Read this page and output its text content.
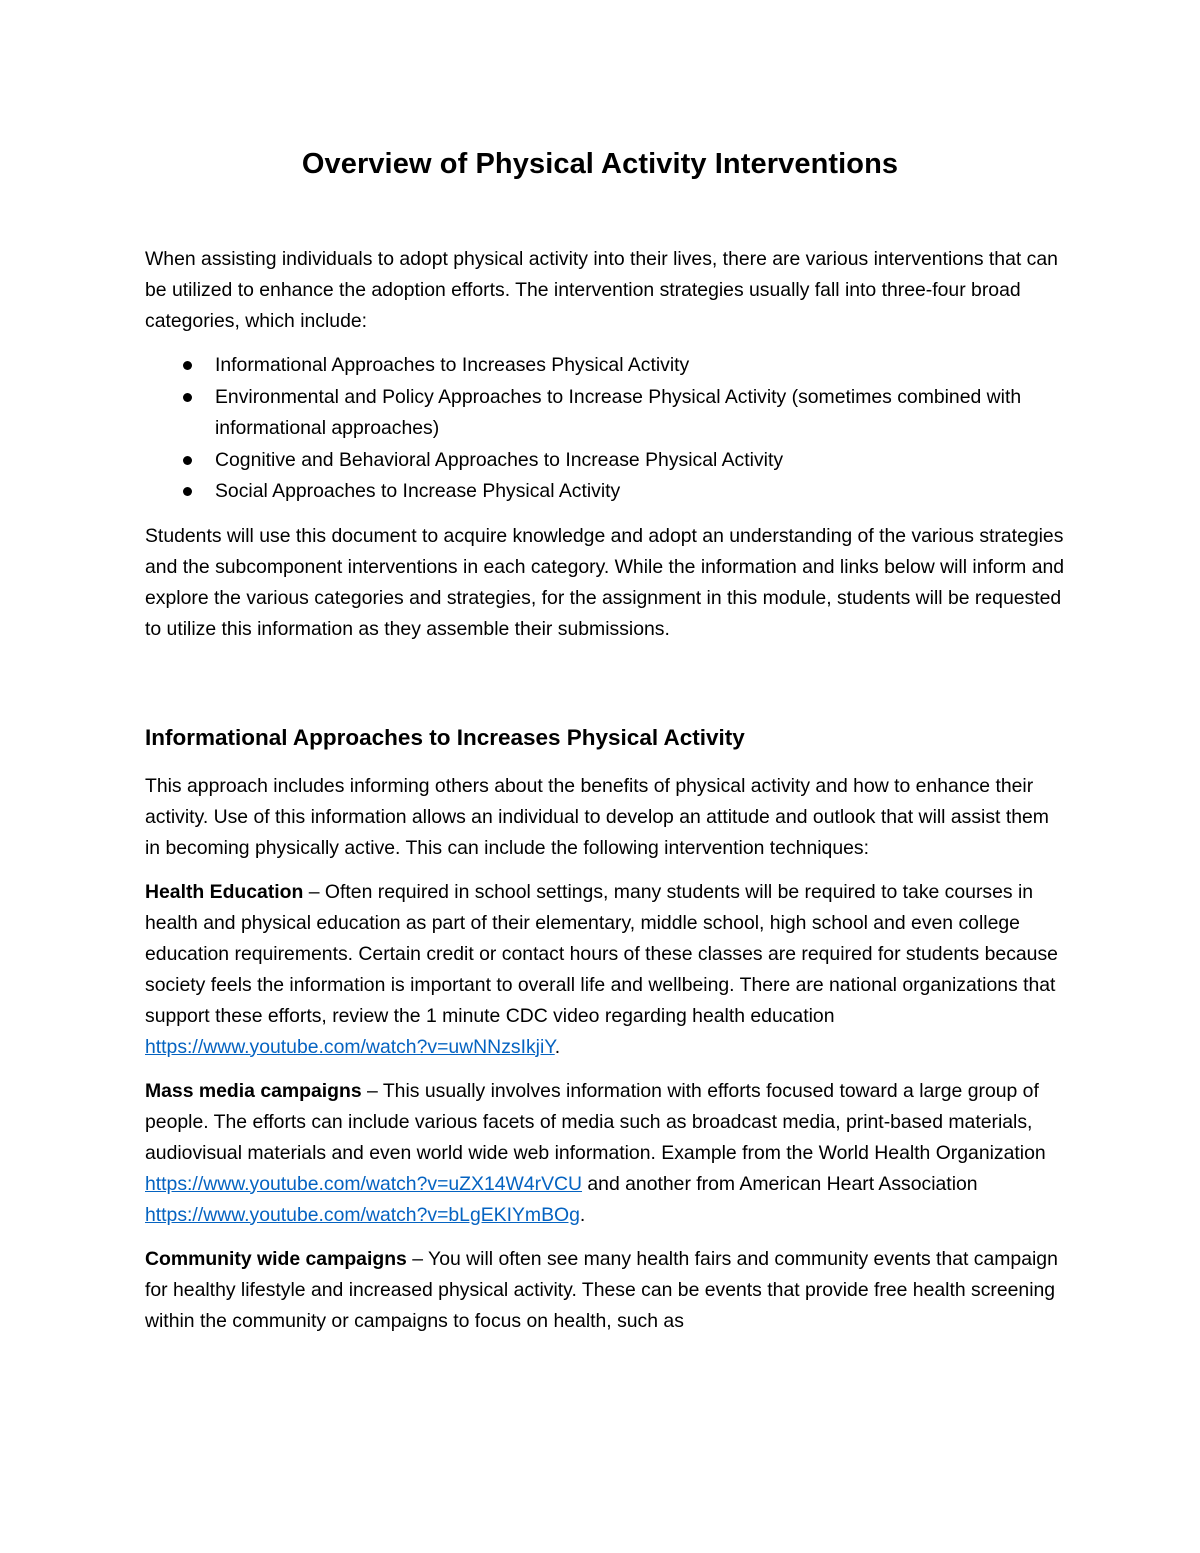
Overview of Physical Activity Interventions

When assisting individuals to adopt physical activity into their lives, there are various interventions that can be utilized to enhance the adoption efforts. The intervention strategies usually fall into three-four broad categories, which include:

Informational Approaches to Increases Physical Activity
Environmental and Policy Approaches to Increase Physical Activity (sometimes combined with informational approaches)
Cognitive and Behavioral Approaches to Increase Physical Activity
Social Approaches to Increase Physical Activity

Students will use this document to acquire knowledge and adopt an understanding of the various strategies and the subcomponent interventions in each category. While the information and links below will inform and explore the various categories and strategies, for the assignment in this module, students will be requested to utilize this information as they assemble their submissions.

Informational Approaches to Increases Physical Activity

This approach includes informing others about the benefits of physical activity and how to enhance their activity. Use of this information allows an individual to develop an attitude and outlook that will assist them in becoming physically active. This can include the following intervention techniques:

Health Education – Often required in school settings, many students will be required to take courses in health and physical education as part of their elementary, middle school, high school and even college education requirements. Certain credit or contact hours of these classes are required for students because society feels the information is important to overall life and wellbeing. There are national organizations that support these efforts, review the 1 minute CDC video regarding health education https://www.youtube.com/watch?v=uwNNzsIkjiY.

Mass media campaigns – This usually involves information with efforts focused toward a large group of people. The efforts can include various facets of media such as broadcast media, print-based materials, audiovisual materials and even world wide web information. Example from the World Health Organization https://www.youtube.com/watch?v=uZX14W4rVCU and another from American Heart Association https://www.youtube.com/watch?v=bLgEKIYmBOg.

Community wide campaigns – You will often see many health fairs and community events that campaign for healthy lifestyle and increased physical activity. These can be events that provide free health screening within the community or campaigns to focus on health, such as
